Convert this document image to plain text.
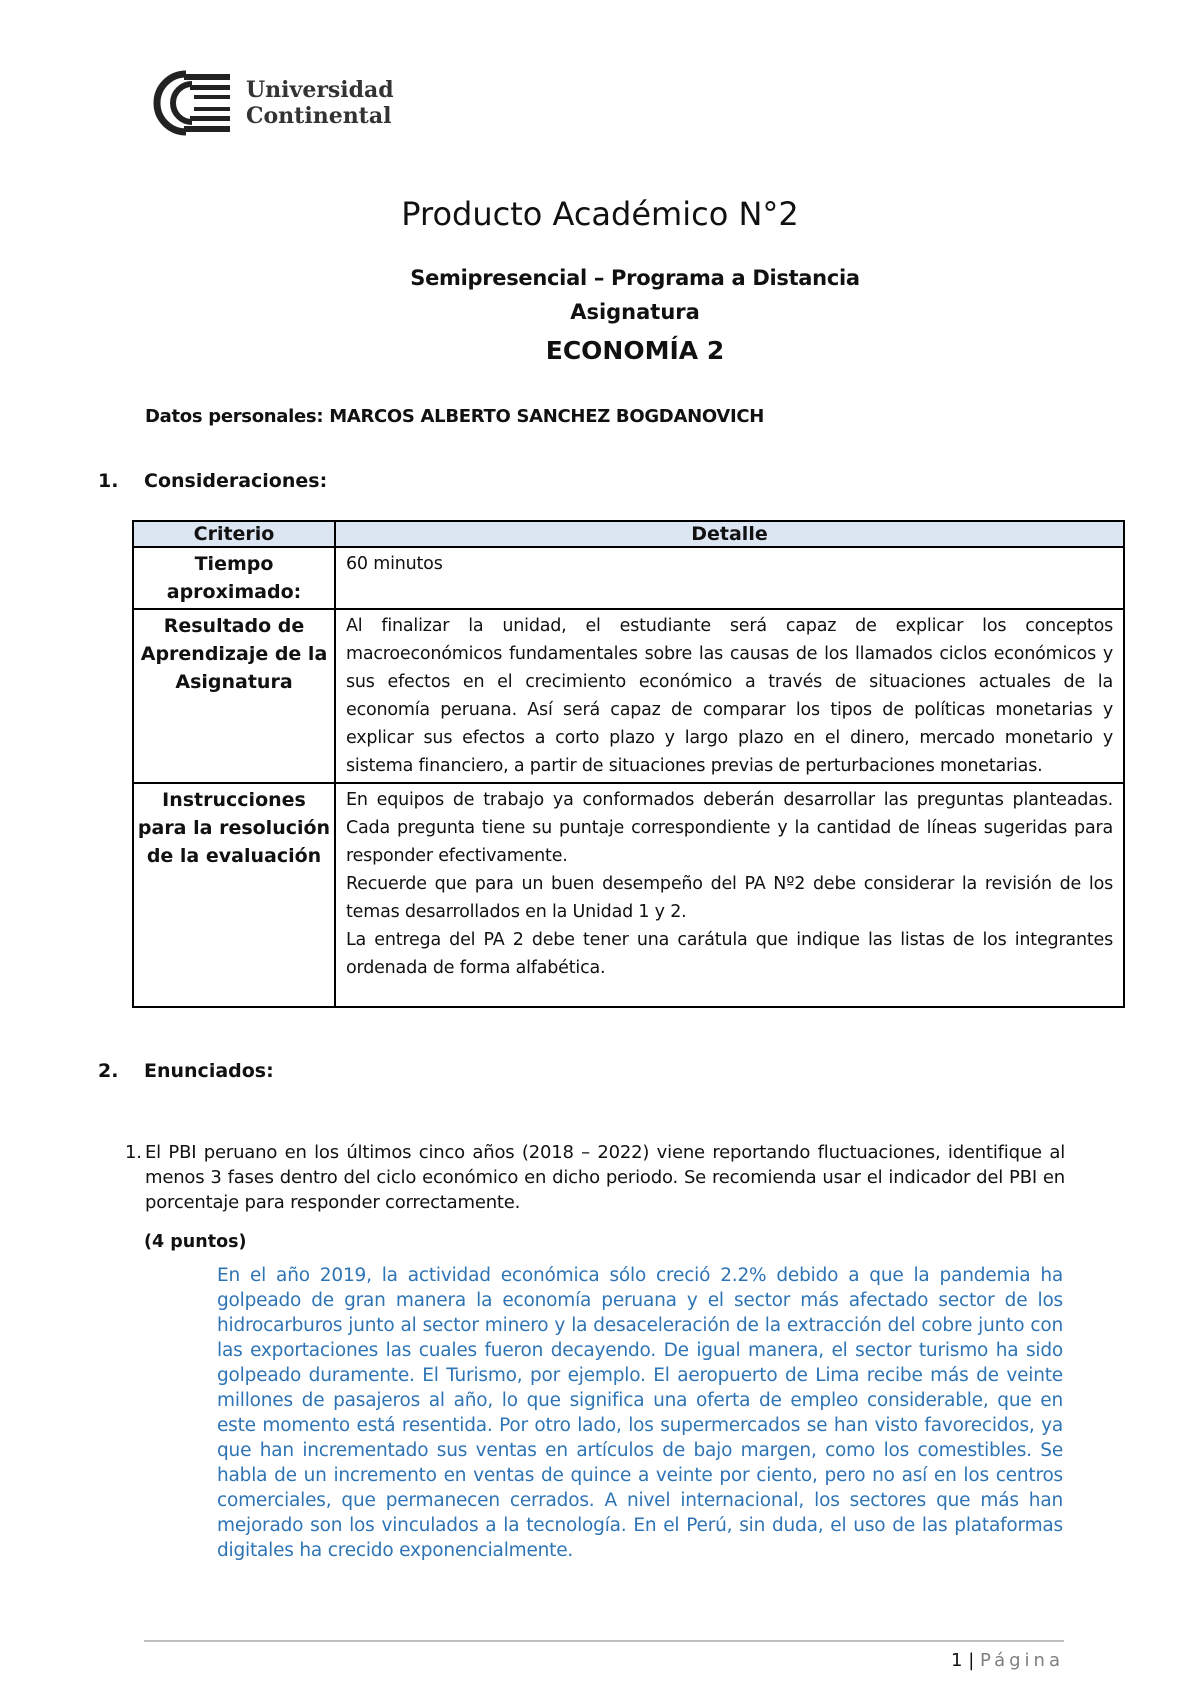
Universidad
Continental
Producto Académico N°2
Semipresencial – Programa a Distancia
Asignatura
ECONOMÍA 2
Datos personales: MARCOS ALBERTO SANCHEZ BOGDANOVICH
1. Consideraciones:
Criterio	Detalle
Tiempo aproximado:	60 minutos

Resultado de Aprendizaje de la Asignatura	Al finalizar la unidad, el estudiante será capaz de explicar los conceptos macroeconómicos fundamentales sobre las causas de los llamados ciclos económicos y sus efectos en el crecimiento económico a través de situaciones actuales de la economía peruana. Así será capaz de comparar los tipos de políticas monetarias y explicar sus efectos a corto plazo y largo plazo en el dinero, mercado monetario y sistema financiero, a partir de situaciones previas de perturbaciones monetarias.

Instrucciones para la resolución de la evaluación	En equipos de trabajo ya conformados deberán desarrollar las preguntas planteadas. Cada pregunta tiene su puntaje correspondiente y la cantidad de líneas sugeridas para responder efectivamente.
Recuerde que para un buen desempeño del PA Nº2 debe considerar la revisión de los temas desarrollados en la Unidad 1 y 2.
La entrega del PA 2 debe tener una carátula que indique las listas de los integrantes ordenada de forma alfabética.
2. Enunciados:
1. El PBI peruano en los últimos cinco años (2018 – 2022) viene reportando fluctuaciones, identifique al menos 3 fases dentro del ciclo económico en dicho periodo. Se recomienda usar el indicador del PBI en porcentaje para responder correctamente.
(4 puntos)
En el año 2019, la actividad económica sólo creció 2.2% debido a que la pandemia ha golpeado de gran manera la economía peruana y el sector más afectado sector de los hidrocarburos junto al sector minero y la desaceleración de la extracción del cobre junto con las exportaciones las cuales fueron decayendo. De igual manera, el sector turismo ha sido golpeado duramente. El Turismo, por ejemplo. El aeropuerto de Lima recibe más de veinte millones de pasajeros al año, lo que significa una oferta de empleo considerable, que en este momento está resentida. Por otro lado, los supermercados se han visto favorecidos, ya que han incrementado sus ventas en artículos de bajo margen, como los comestibles. Se habla de un incremento en ventas de quince a veinte por ciento, pero no así en los centros comerciales, que permanecen cerrados. A nivel internacional, los sectores que más han mejorado son los vinculados a la tecnología. En el Perú, sin duda, el uso de las plataformas digitales ha crecido exponencialmente.
1 | Página
